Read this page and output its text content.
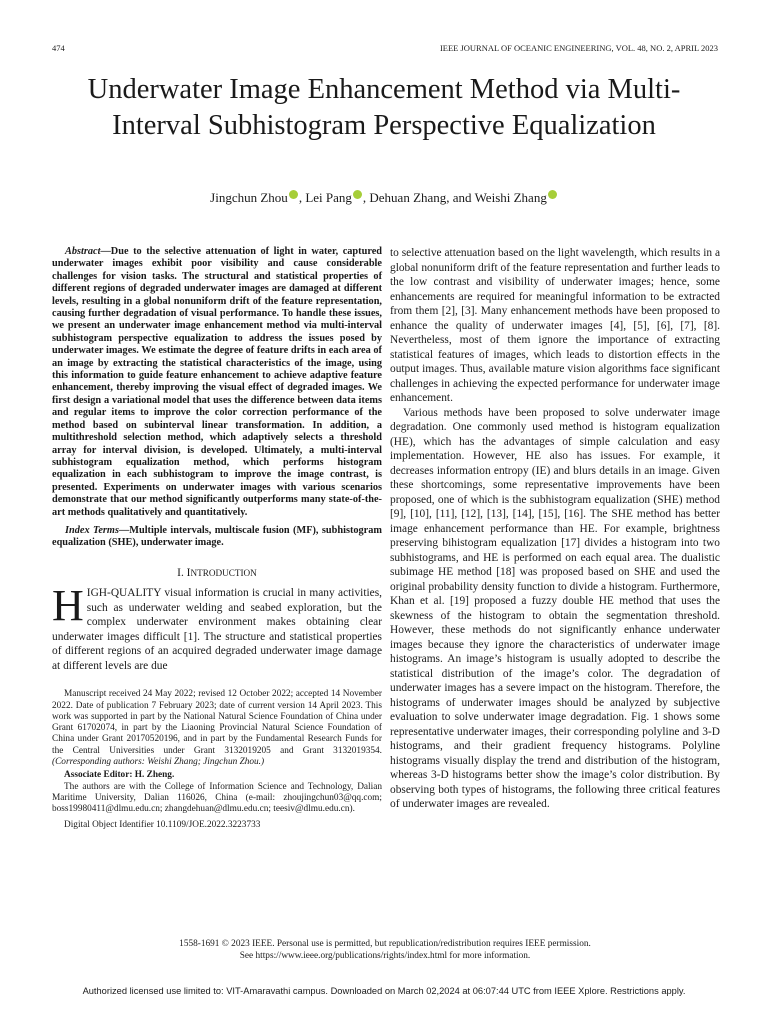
474	IEEE JOURNAL OF OCEANIC ENGINEERING, VOL. 48, NO. 2, APRIL 2023
Underwater Image Enhancement Method via Multi-Interval Subhistogram Perspective Equalization
Jingchun Zhou , Lei Pang , Dehuan Zhang, and Weishi Zhang

Abstract—Due to the selective attenuation of light in water, captured underwater images exhibit poor visibility and cause considerable challenges for vision tasks. The structural and statistical properties of different regions of degraded underwater images are damaged at different levels, resulting in a global nonuniform drift of the feature representation, causing further degradation of visual performance. To handle these issues, we present an underwater image enhancement method via multi-interval subhistogram perspective equalization to address the issues posed by underwater images. We estimate the degree of feature drifts in each area of an image by extracting the statistical characteristics of the image, using this information to guide feature enhancement to achieve adaptive feature enhancement, thereby improving the visual effect of degraded images. We first design a variational model that uses the difference between data items and regular items to improve the color correction performance of the method based on subinterval linear transformation. In addition, a multithreshold selection method, which adaptively selects a threshold array for interval division, is developed. Ultimately, a multi-interval subhistogram equalization method, which performs histogram equalization in each subhistogram to improve the image contrast, is presented. Experiments on underwater images with various scenarios demonstrate that our method significantly outperforms many state-of-the-art methods qualitatively and quantitatively.

Index Terms—Multiple intervals, multiscale fusion (MF), subhistogram equalization (SHE), underwater image.

I. INTRODUCTION

HIGH-QUALITY visual information is crucial in many activities, such as underwater welding and seabed exploration, but the complex underwater environment makes obtaining clear underwater images difficult [1]. The structure and statistical properties of different regions of an acquired degraded underwater image damage at different levels are due

Manuscript received 24 May 2022; revised 12 October 2022; accepted 14 November 2022. Date of publication 7 February 2023; date of current version 14 April 2023. This work was supported in part by the National Natural Science Foundation of China under Grant 61702074, in part by the Liaoning Provincial Natural Science Foundation of China under Grant 20170520196, and in part by the Fundamental Research Funds for the Central Universities under Grant 3132019205 and Grant 3132019354. (Corresponding authors: Weishi Zhang; Jingchun Zhou.)

Associate Editor: H. Zheng.

The authors are with the College of Information Science and Technology, Dalian Maritime University, Dalian 116026, China (e-mail: zhoujingchun03@qq.com; boss19980411@dlmu.edu.cn; zhangdehuan@dlmu.edu.cn; teesiv@dlmu.edu.cn).

Digital Object Identifier 10.1109/JOE.2022.3223733

to selective attenuation based on the light wavelength, which results in a global nonuniform drift of the feature representation and further leads to the low contrast and visibility of underwater images; hence, some enhancements are required for meaningful information to be extracted from them [2], [3]. Many enhancement methods have been proposed to enhance the quality of underwater images [4], [5], [6], [7], [8]. Nevertheless, most of them ignore the importance of extracting statistical features of images, which leads to distortion effects in the output images. Thus, available mature vision algorithms face significant challenges in achieving the expected performance for underwater image enhancement.

Various methods have been proposed to solve underwater image degradation. One commonly used method is histogram equalization (HE), which has the advantages of simple calculation and easy implementation. However, HE also has issues. For example, it decreases information entropy (IE) and blurs details in an image. Given these shortcomings, some representative improvements have been proposed, one of which is the subhistogram equalization (SHE) method [9], [10], [11], [12], [13], [14], [15], [16]. The SHE method has better image enhancement performance than HE. For example, brightness preserving bihistogram equalization [17] divides a histogram into two subhistograms, and HE is performed on each equal area. The dualistic subimage HE method [18] was proposed based on SHE and used the original probability density function to divide a histogram. Furthermore, Khan et al. [19] proposed a fuzzy double HE method that uses the skewness of the histogram to obtain the segmentation threshold. However, these methods do not significantly enhance underwater images because they ignore the characteristics of underwater image histograms. An image’s histogram is usually adopted to describe the statistical distribution of the image’s color. The degradation of underwater images has a severe impact on the histogram. Therefore, the histograms of underwater images should be analyzed by subjective evaluation to solve underwater image degradation. Fig. 1 shows some representative underwater images, their corresponding polyline and 3-D histograms, and their gradient frequency histograms. Polyline histograms visually display the trend and distribution of the histogram, whereas 3-D histograms better show the image’s color distribution. By observing both types of histograms, the following three critical features of underwater images are revealed.

1558-1691 © 2023 IEEE. Personal use is permitted, but republication/redistribution requires IEEE permission.
See https://www.ieee.org/publications/rights/index.html for more information.
Authorized licensed use limited to: VIT-Amaravathi campus. Downloaded on March 02,2024 at 06:07:44 UTC from IEEE Xplore. Restrictions apply.
